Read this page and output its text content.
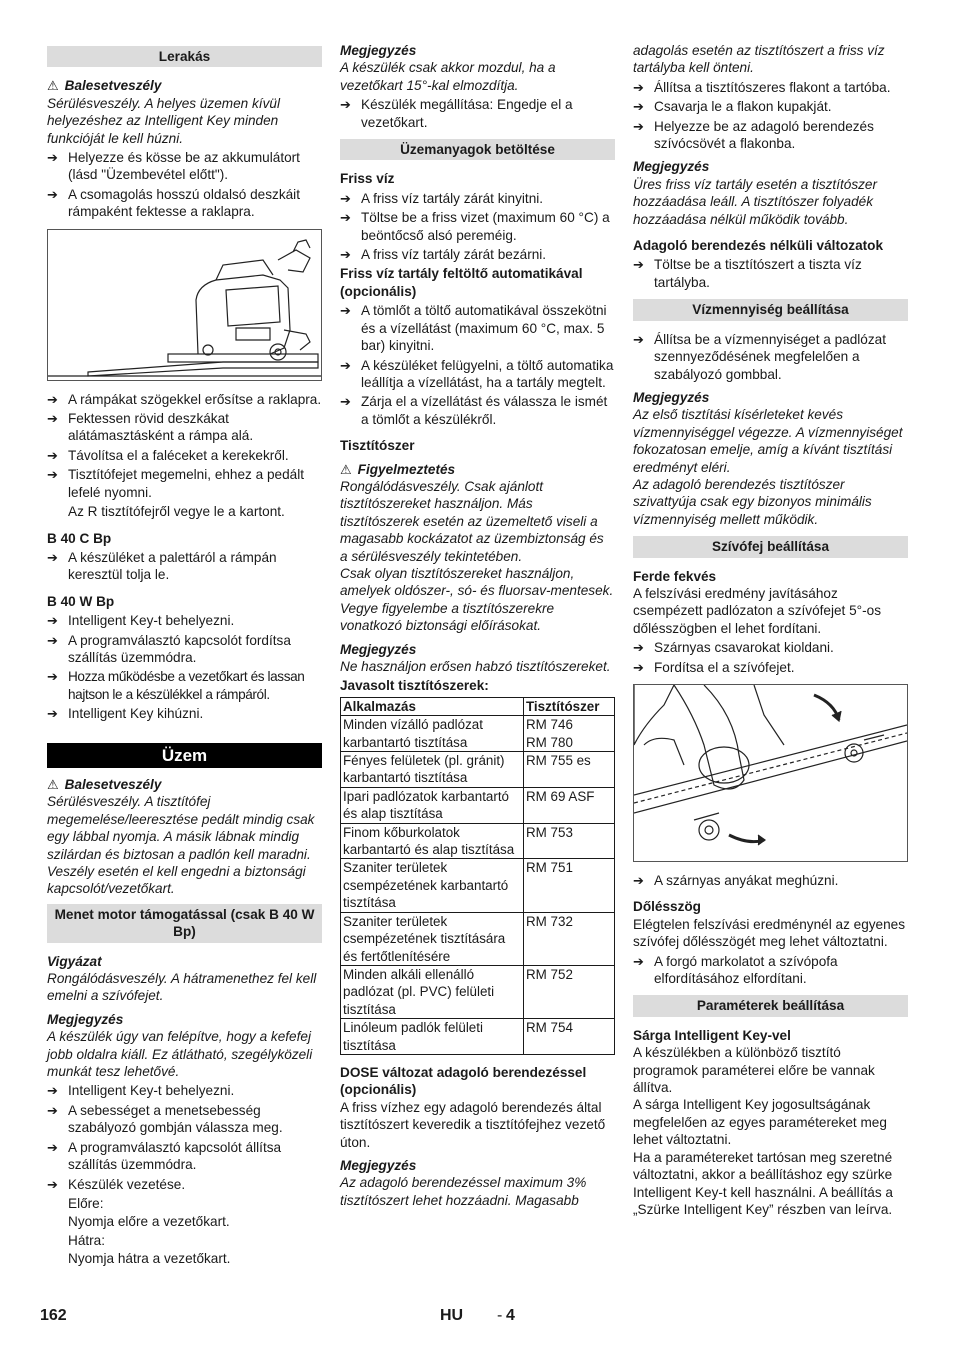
Lerakás
⚠ Balesetveszély

Sérülésveszély. A helyes üzemen kívül helyezéshez az Intelligent Key minden funkcióját le kell húzni.

➔ Helyezze és kösse be az akkumulátort (lásd "Üzembevétel előtt").
➔ A csomagolás hosszú oldalsó deszkáit rámpaként fektesse a raklapra.
➔ A rámpákat szögekkel erősítse a raklapra.
➔ Fektessen rövid deszkákat alátámasztásként a rámpa alá.
➔ Távolítsa el a faléceket a kerekekről.
➔ Tisztítófejet megemelni, ehhez a pedált lefelé nyomni.
Az R tisztítófejről vegye le a kartont.
B 40 C Bp
➔ A készüléket a palettáról a rámpán keresztül tolja le.
B 40 W Bp
➔ Intelligent Key-t behelyezni.
➔ A programválasztó kapcsolót fordítsa szállítás üzemmódra.
➔ Hozza működésbe a vezetőkart és lassan hajtson le a készülékkel a rámpáról.
➔ Intelligent Key kihúzni.
Üzem
⚠ Balesetveszély

Sérülésveszély. A tisztítófej megemelése/leeresztése pedált mindig csak egy lábbal nyomja. A másik lábnak mindig szilárdan és biztosan a padlón kell maradni. Veszély esetén el kell engedni a biztonsági kapcsolót/vezetőkart.

Menet motor támogatással (csak B 40 W Bp)
Vigyázat

Rongálódásveszély. A hátramenethez fel kell emelni a szívófejet.

Megjegyzés

A készülék úgy van felépítve, hogy a kefefej jobb oldalra kiáll. Ez átlátható, szegélyközeli munkát tesz lehetővé.

➔ Intelligent Key-t behelyezni.
➔ A sebességet a menetsebesség szabályozó gombján válassza meg.
➔ A programválasztó kapcsolót állítsa szállítás üzemmódra.
➔ Készülék vezetése.
Előre:
Nyomja előre a vezetőkart.
Hátra:
Nyomja hátra a vezetőkart.
Megjegyzés

A készülék csak akkor mozdul, ha a vezetőkart 15°-kal elmozdítja.

➔ Készülék megállítása: Engedje el a vezetőkart.
Üzemanyagok betöltése
Friss víz
➔ A friss víz tartály zárát kinyitni.
➔ Töltse be a friss vizet (maximum 60 °C) a beöntőcső alsó pereméig.
➔ A friss víz tartály zárát bezárni.
Friss víz tartály feltöltő automatikával (opcionális)
➔ A tömlőt a töltő automatikával összekötni és a vízellátást (maximum 60 °C, max. 5 bar) kinyitni.
➔ A készüléket felügyelni, a töltő automatika leállítja a vízellátást, ha a tartály megtelt.
➔ Zárja el a vízellátást és válassza le ismét a tömlőt a készülékről.
Tisztítószer
⚠ Figyelmeztetés

Rongálódásveszély. Csak ajánlott tisztítószereket használjon. Más tisztítószerek esetén az üzemeltető viseli a magasabb kockázatot az üzembiztonság és a sérülésveszély tekintetében.

Csak olyan tisztítószereket használjon, amelyek oldószer-, só- és fluorsav-mentesek.

Vegye figyelembe a tisztítószerekre vonatkozó biztonsági előírásokat.

Megjegyzés

Ne használjon erősen habzó tisztítószereket.

Javasolt tisztítószerek:
Alkalmazás	Tisztítószer
Minden vízálló padlózat karbantartó tisztítása	RM 746
RM 780
Fényes felületek (pl. gránit) karbantartó tisztítása	RM 755 es
Ipari padlózatok karbantartó és alap tisztítása	RM 69 ASF
Finom kőburkolatok karbantartó és alap tisztítása	RM 753
Szaniter területek csempézetének karbantartó tisztítása	RM 751
Szaniter területek csempézetének tisztítására és fertőtlenítésére	RM 732
Minden alkáli ellenálló padlózat (pl. PVC) felületi tisztítása	RM 752
Linóleum padlók felületi tisztítása	RM 754
DOSE változat adagoló berendezéssel (opcionális)

A friss vízhez egy adagoló berendezés által tisztítószert keveredik a tisztítófejhez vezető úton.

Megjegyzés

Az adagoló berendezéssel maximum 3% tisztítószert lehet hozzáadni. Magasabb

adagolás esetén az tisztítószert a friss víz tartályba kell önteni.

➔ Állítsa a tisztítószeres flakont a tartóba.
➔ Csavarja le a flakon kupakját.
➔ Helyezze be az adagoló berendezés szívócsövét a flakonba.
Megjegyzés

Üres friss víz tartály esetén a tisztítószer hozzáadása leáll. A tisztítószer folyadék hozzáadása nélkül működik tovább.

Adagoló berendezés nélküli változatok
➔ Töltse be a tisztítószert a tiszta víz tartályba.
Vízmennyiség beállítása
➔ Állítsa be a vízmennyiséget a padlózat szennyeződésének megfelelően a szabályozó gombbal.
Megjegyzés

Az első tisztítási kísérleteket kevés vízmennyiséggel végezze. A vízmennyiséget fokozatosan emelje, amíg a kívánt tisztítási eredményt eléri.

Az adagoló berendezés tisztítószer szivattyúja csak egy bizonyos minimális vízmennyiség mellett működik.

Szívófej beállítása
Ferde fekvés

A felszívási eredmény javításához csempézett padlózaton a szívófejet 5°-os dőlésszögben el lehet fordítani.

➔ Szárnyas csavarokat kioldani.
➔ Fordítsa el a szívófejet.
➔ A szárnyas anyákat meghúzni.
Dőlésszög

Elégtelen felszívási eredménynél az egyenes szívófej dőlésszögét meg lehet változtatni.

➔ A forgó markolatot a szívópofa elfordításához elfordítani.
Paraméterek beállítása
Sárga Intelligent Key-vel

A készülékben a különböző tisztító programok paraméterei előre be vannak állítva.

A sárga Intelligent Key jogosultságának megfelelően az egyes paramétereket meg lehet változtatni.

Ha a paramétereket tartósan meg szeretné változtatni, akkor a beállításhoz egy szürke Intelligent Key-t kell használni. A beállítás a „Szürke Intelligent Key” részben van leírva.

162	HU - 4
